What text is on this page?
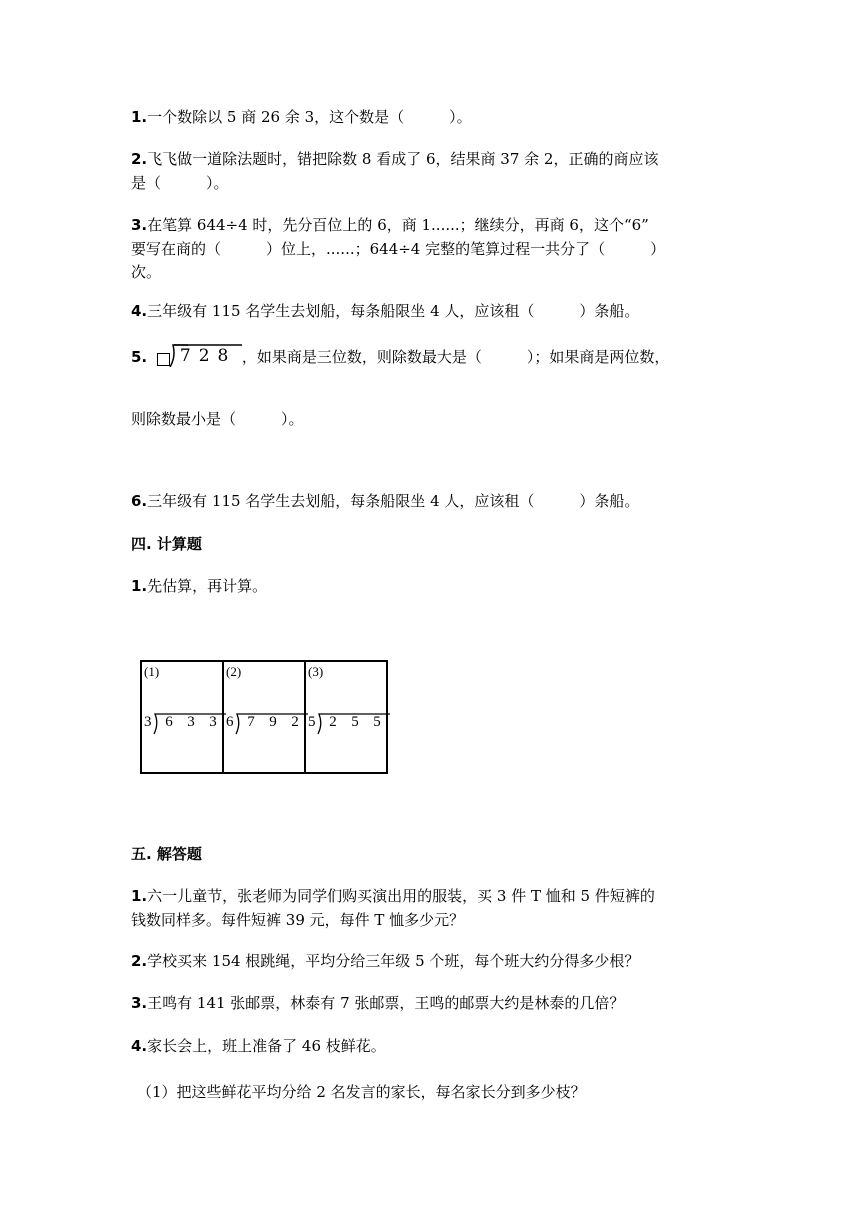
1.一个数除以 5 商 26 余 3，这个数是（　　　）。
2.飞飞做一道除法题时，错把除数 8 看成了 6，结果商 37 余 2，正确的商应该
是（　　　）。
3.在笔算 644÷4 时，先分百位上的 6，商 1......；继续分，再商 6，这个“6”
要写在商的（　　　）位上，......；644÷4 完整的笔算过程一共分了（　　　）
次。
4.三年级有 115 名学生去划船，每条船限坐 4 人，应该租（　　　）条船。
5. 728 ，如果商是三位数，则除数最大是（　　　）；如果商是两位数，
则除数最小是（　　　）。
6.三年级有 115 名学生去划船，每条船限坐 4 人，应该租（　　　）条船。
四. 计算题
1.先估算，再计算。
(1)
3 6 3 3
(2)
6 7 9 2
(3)
5 2 5 5
五. 解答题
1.六一儿童节，张老师为同学们购买演出用的服装，买 3 件 T 恤和 5 件短裤的
钱数同样多。每件短裤 39 元，每件 T 恤多少元？
2.学校买来 154 根跳绳，平均分给三年级 5 个班，每个班大约分得多少根？
3.王鸣有 141 张邮票，林泰有 7 张邮票，王鸣的邮票大约是林泰的几倍？
4.家长会上，班上准备了 46 枝鲜花。
（1）把这些鲜花平均分给 2 名发言的家长，每名家长分到多少枝？
